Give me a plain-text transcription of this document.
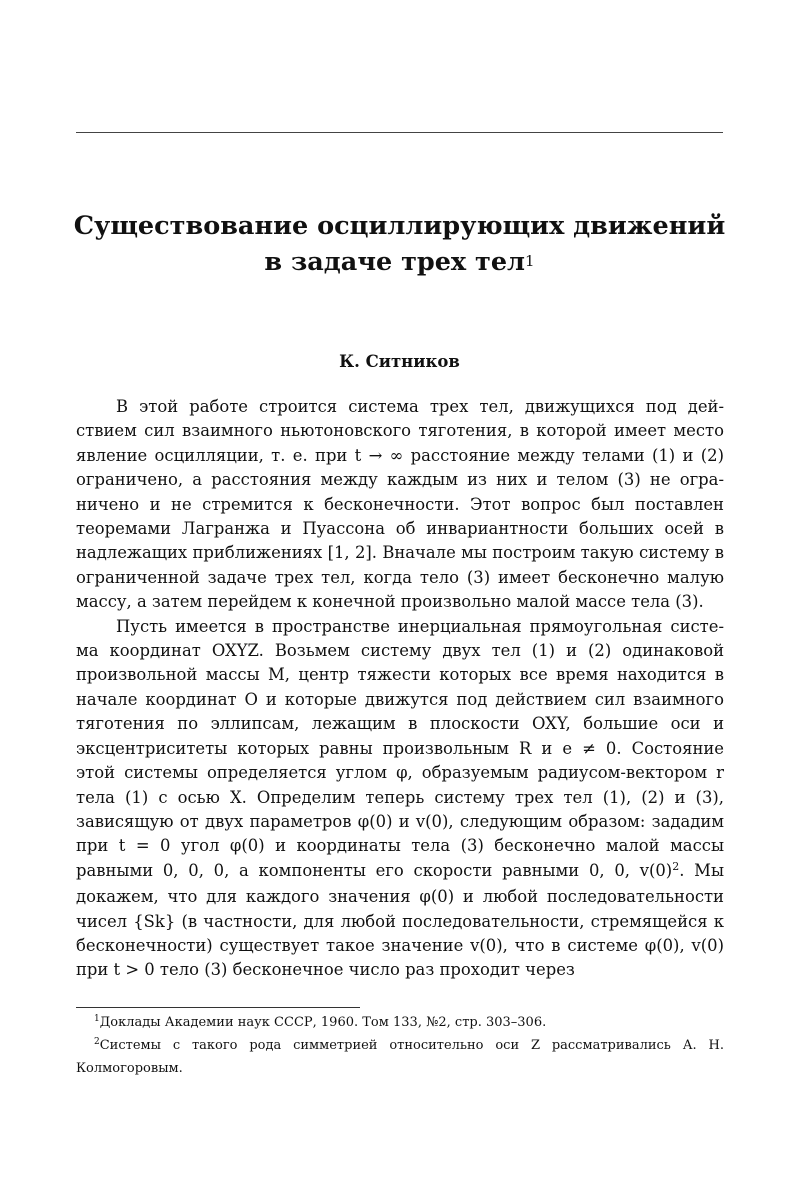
Существование осциллирующих движений
в задаче трех тел$^1$
К. Ситников

В этой работе строится система трех тел, движущихся под действием сил взаимного ньютоновского тяготения, в которой имеет место явление осцилляции, т. е. при t → ∞ расстояние между телами (1) и (2) ограничено, а расстояния между каждым из них и телом (3) не ограничено и не стремится к бесконечности. Этот вопрос был поставлен теоремами Лагранжа и Пуассона об инвариантности больших осей в надлежащих приближениях [1, 2]. Вначале мы построим такую систему в ограниченной задаче трех тел, когда тело (3) имеет бесконечно малую массу, а затем перейдем к конечной произвольно малой массе тела (3).

Пусть имеется в пространстве инерциальная прямоугольная система координат OXYZ. Возьмем систему двух тел (1) и (2) одинаковой произвольной массы M, центр тяжести которых все время находится в начале координат O и которые движутся под действием сил взаимного тяготения по эллипсам, лежащим в плоскости OXY, большие оси и эксцентриситеты которых равны произвольным R и e ≠ 0. Состояние этой системы определяется углом φ, образуемым радиусом-вектором r тела (1) с осью X. Определим теперь систему трех тел (1), (2) и (3), зависящую от двух параметров φ(0) и v(0), следующим образом: зададим при t = 0 угол φ(0) и координаты тела (3) бесконечно малой массы равными 0, 0, 0, а компоненты его скорости равными 0, 0, $v(0)^2$. Мы докажем, что для каждого значения φ(0) и любой последовательности чисел {Sk} (в частности, для любой последовательности, стремящейся к бесконечности) существует такое значение v(0), что в системе φ(0), v(0) при t > 0 тело (3) бесконечное число раз проходит через

$^1$Доклады Академии наук СССР, 1960. Том 133, №2, стр. 303–306.

$^2$Системы с такого рода симметрией относительно оси Z рассматривались А. Н. Колмогоровым.
